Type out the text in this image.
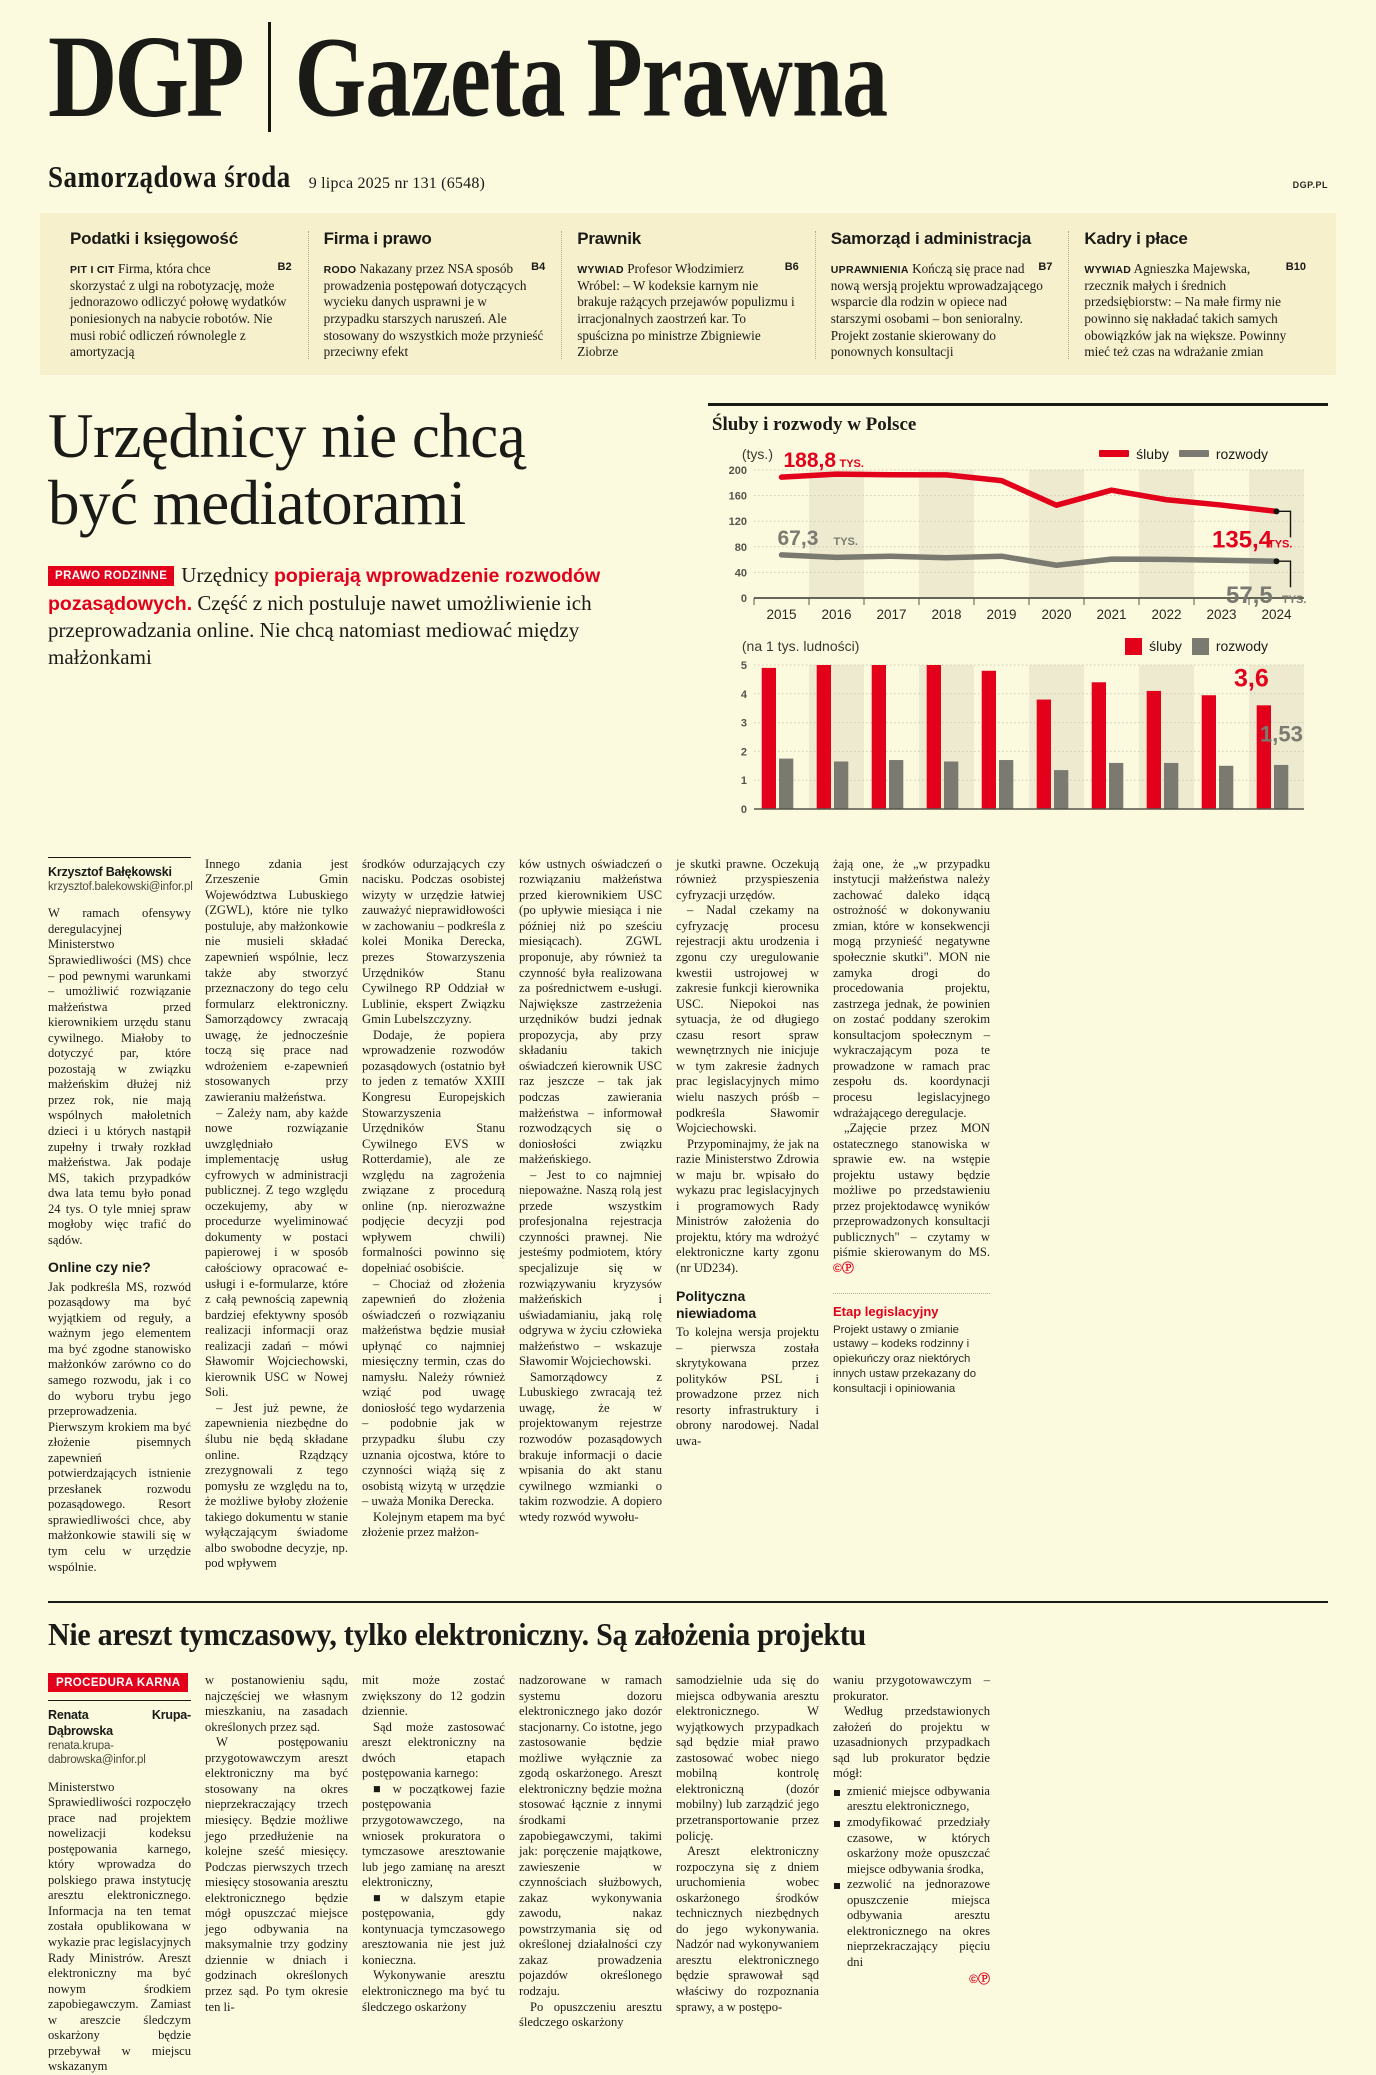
DGP Gazeta Prawna
Samorządowa środa 9 lipca 2025 nr 131 (6548)	DGP.PL
Podatki i księgowość

B2
PIT I CIT Firma, która chce skorzystać z ulgi na robotyzację, może jednorazowo odliczyć połowę wydatków poniesionych na nabycie robotów. Nie musi robić odliczeń równolegle z amortyzacją

Firma i prawo

B4
RODO Nakazany przez NSA sposób prowadzenia postępowań dotyczących wycieku danych usprawni je w przypadku starszych naruszeń. Ale stosowany do wszystkich może przynieść przeciwny efekt

Prawnik

B6
WYWIAD Profesor Włodzimierz Wróbel: – W kodeksie karnym nie brakuje rażących przejawów populizmu i irracjonalnych zaostrzeń kar. To spuścizna po ministrze Zbigniewie Ziobrze

Samorząd i administracja

B7
UPRAWNIENIA Kończą się prace nad nową wersją projektu wprowadzającego wsparcie dla rodzin w opiece nad starszymi osobami – bon senioralny. Projekt zostanie skierowany do ponownych konsultacji

Kadry i płace

B10
WYWIAD Agnieszka Majewska, rzecznik małych i średnich przedsiębiorstw: – Na małe firmy nie powinno się nakładać takich samych obowiązków jak na większe. Powinny mieć też czas na wdrażanie zmian

Urzędnicy nie chcą
być mediatorami
PRAWO RODZINNE Urzędnicy popierają wprowadzenie rozwodów pozasądowych. Część z nich postuluje nawet umożliwienie ich przeprowadzania online. Nie chcą natomiast mediować między małżonkami
Śluby i rozwody w Polsce
(tys.)	śluby	rozwody
0
40
80
120
160
200
2015 2016 2017 2018 2019 2020 2021 2022 2023 2024
188,8 TYS.
67,3 TYS.	135,4
TYS.
57,5 TYS.
(na 1 tys. ludności)	śluby rozwody
0
1
2
3
4
5	3,6
1,53
Krzysztof Bałękowski
krzysztof.balekowski@infor.pl

W ramach ofensywy deregulacyjnej Ministerstwo Sprawiedliwości (MS) chce – pod pewnymi warunkami – umożliwić rozwiązanie małżeństwa przed kierownikiem urzędu stanu cywilnego. Miałoby to dotyczyć par, które pozostają w związku małżeńskim dłużej niż przez rok, nie mają wspólnych małoletnich dzieci i u których nastąpił zupełny i trwały rozkład małżeństwa. Jak podaje MS, takich przypadków dwa lata temu było ponad 24 tys. O tyle mniej spraw mogłoby więc trafić do sądów.

Online czy nie?

Jak podkreśla MS, rozwód pozasądowy ma być wyjątkiem od reguły, a ważnym jego elementem ma być zgodne stanowisko małżonków zarówno co do samego rozwodu, jak i co do wyboru trybu jego przeprowadzenia. Pierwszym krokiem ma być złożenie pisemnych zapewnień potwierdzających istnienie przesłanek rozwodu pozasądowego. Resort sprawiedliwości chce, aby małżonkowie stawili się w tym celu w urzędzie wspólnie.

Innego zdania jest Zrzeszenie Gmin Województwa Lubuskiego (ZGWL), które nie tylko postuluje, aby małżonkowie nie musieli składać zapewnień wspólnie, lecz także aby stworzyć przeznaczony do tego celu formularz elektroniczny. Samorządowcy zwracają uwagę, że jednocześnie toczą się prace nad wdrożeniem e-zapewnień stosowanych przy zawieraniu małżeństwa.

– Zależy nam, aby każde nowe rozwiązanie uwzględniało implementację usług cyfrowych w administracji publicznej. Z tego względu oczekujemy, aby w procedurze wyeliminować dokumenty w postaci papierowej i w sposób całościowy opracować e-usługi i e-formularze, które z całą pewnością zapewnią bardziej efektywny sposób realizacji informacji oraz realizacji zadań – mówi Sławomir Wojciechowski, kierownik USC w Nowej Soli.

– Jest już pewne, że zapewnienia niezbędne do ślubu nie będą składane online. Rządzący zrezygnowali z tego pomysłu ze względu na to, że możliwe byłoby złożenie takiego dokumentu w stanie wyłączającym świadome albo swobodne decyzje, np. pod wpływem

środków odurzających czy nacisku. Podczas osobistej wizyty w urzędzie łatwiej zauważyć nieprawidłowości w zachowaniu – podkreśla z kolei Monika Derecka, prezes Stowarzyszenia Urzędników Stanu Cywilnego RP Oddział w Lublinie, ekspert Związku Gmin Lubelszczyzny.

Dodaje, że popiera wprowadzenie rozwodów pozasądowych (ostatnio był to jeden z tematów XXIII Kongresu Europejskich Stowarzyszenia Urzędników Stanu Cywilnego EVS w Rotterdamie), ale ze względu na zagrożenia związane z procedurą online (np. nierozważne podjęcie decyzji pod wpływem chwili) formalności powinno się dopełniać osobiście.

– Chociaż od złożenia zapewnień do złożenia oświadczeń o rozwiązaniu małżeństwa będzie musiał upłynąć co najmniej miesięczny termin, czas do namysłu. Należy również wziąć pod uwagę doniosłość tego wydarzenia – podobnie jak w przypadku ślubu czy uznania ojcostwa, które to czynności wiążą się z osobistą wizytą w urzędzie – uważa Monika Derecka.

Kolejnym etapem ma być złożenie przez małżon-

ków ustnych oświadczeń o rozwiązaniu małżeństwa przed kierownikiem USC (po upływie miesiąca i nie później niż po sześciu miesiącach). ZGWL proponuje, aby również ta czynność była realizowana za pośrednictwem e-usługi. Największe zastrzeżenia urzędników budzi jednak propozycja, aby przy składaniu takich oświadczeń kierownik USC raz jeszcze – tak jak podczas zawierania małżeństwa – informował rozwodzących się o doniosłości związku małżeńskiego.

– Jest to co najmniej niepoważne. Naszą rolą jest przede wszystkim profesjonalna rejestracja czynności prawnej. Nie jesteśmy podmiotem, który specjalizuje się w rozwiązywaniu kryzysów małżeńskich i uświadamianiu, jaką rolę odgrywa w życiu człowieka małżeństwo – wskazuje Sławomir Wojciechowski.

Samorządowcy z Lubuskiego zwracają też uwagę, że w projektowanym rejestrze rozwodów pozasądowych brakuje informacji o dacie wpisania do akt stanu cywilnego wzmianki o takim rozwodzie. A dopiero wtedy rozwód wywołu-

je skutki prawne. Oczekują również przyspieszenia cyfryzacji urzędów.

– Nadal czekamy na cyfryzację procesu rejestracji aktu urodzenia i zgonu czy uregulowanie kwestii ustrojowej w zakresie funkcji kierownika USC. Niepokoi nas sytuacja, że od długiego czasu resort spraw wewnętrznych nie inicjuje w tym zakresie żadnych prac legislacyjnych mimo wielu naszych próśb – podkreśla Sławomir Wojciechowski.

Przypominajmy, że jak na razie Ministerstwo Zdrowia w maju br. wpisało do wykazu prac legislacyjnych i programowych Rady Ministrów założenia do projektu, który ma wdrożyć elektroniczne karty zgonu (nr UD234).

Polityczna niewiadoma

To kolejna wersja projektu – pierwsza została skrytykowana przez polityków PSL i prowadzone przez nich resorty infrastruktury i obrony narodowej. Nadal uwa-

żają one, że „w przypadku instytucji małżeństwa należy zachować daleko idącą ostrożność w dokonywaniu zmian, które w konsekwencji mogą przynieść negatywne społecznie skutki". MON nie zamyka drogi do procedowania projektu, zastrzega jednak, że powinien on zostać poddany szerokim konsultacjom społecznym – wykraczającym poza te prowadzone w ramach prac zespołu ds. koordynacji procesu legislacyjnego wdrażającego deregulacje.

„Zajęcie przez MON ostatecznego stanowiska w sprawie ew. na wstępie projektu ustawy będzie możliwe po przedstawieniu przez projektodawcę wyników przeprowadzonych konsultacji publicznych" – czytamy w piśmie skierowanym do MS. ©Ⓟ

Etap legislacyjny

Projekt ustawy o zmianie ustawy – kodeks rodzinny i opiekuńczy oraz niektórych innych ustaw przekazany do konsultacji i opiniowania

Nie areszt tymczasowy, tylko elektroniczny. Są założenia projektu
PROCEDURA KARNA
Renata Krupa-Dąbrowska
renata.krupa-dabrowska@infor.pl

Ministerstwo Sprawiedliwości rozpoczęło prace nad projektem nowelizacji kodeksu postępowania karnego, który wprowadza do polskiego prawa instytucję aresztu elektronicznego. Informacja na ten temat została opublikowana w wykazie prac legislacyjnych Rady Ministrów. Areszt elektroniczny ma być nowym środkiem zapobiegawczym. Zamiast w areszcie śledczym oskarżony będzie przebywał w miejscu wskazanym

w postanowieniu sądu, najczęściej we własnym mieszkaniu, na zasadach określonych przez sąd.

W postępowaniu przygotowawczym areszt elektroniczny ma być stosowany na okres nieprzekraczający trzech miesięcy. Będzie możliwe jego przedłużenie na kolejne sześć miesięcy. Podczas pierwszych trzech miesięcy stosowania aresztu elektronicznego będzie mógł opuszczać miejsce jego odbywania na maksymalnie trzy godziny dziennie w dniach i godzinach określonych przez sąd. Po tym okresie ten li-

mit może zostać zwiększony do 12 godzin dziennie.

Sąd może zastosować areszt elektroniczny na dwóch etapach postępowania karnego:

■ w początkowej fazie postępowania przygotowawczego, na wniosek prokuratora o tymczasowe aresztowanie lub jego zamianę na areszt elektroniczny,

■ w dalszym etapie postępowania, gdy kontynuacja tymczasowego aresztowania nie jest już konieczna.

Wykonywanie aresztu elektronicznego ma być tu śledczego oskarżony

nadzorowane w ramach systemu dozoru elektronicznego jako dozór stacjonarny. Co istotne, jego zastosowanie będzie możliwe wyłącznie za zgodą oskarżonego. Areszt elektroniczny będzie można stosować łącznie z innymi środkami zapobiegawczymi, takimi jak: poręczenie majątkowe, zawieszenie w czynnościach służbowych, zakaz wykonywania zawodu, nakaz powstrzymania się od określonej działalności czy zakaz prowadzenia pojazdów określonego rodzaju.

Po opuszczeniu aresztu śledczego oskarżony

samodzielnie uda się do miejsca odbywania aresztu elektronicznego. W wyjątkowych przypadkach sąd będzie miał prawo zastosować wobec niego mobilną kontrolę elektroniczną (dozór mobilny) lub zarządzić jego przetransportowanie przez policję.

Areszt elektroniczny rozpoczyna się z dniem uruchomienia wobec oskarżonego środków technicznych niezbędnych do jego wykonywania. Nadzór nad wykonywaniem aresztu elektronicznego będzie sprawował sąd właściwy do rozpoznania sprawy, a w postępo-

waniu przygotowawczym – prokurator.

Według przedstawionych założeń do projektu w uzasadnionych przypadkach sąd lub prokurator będzie mógł:

zmienić miejsce odbywania aresztu elektronicznego,
zmodyfikować przedziały czasowe, w których oskarżony może opuszczać miejsce odbywania środka,
zezwolić na jednorazowe opuszczenie miejsca odbywania aresztu elektronicznego na okres nieprzekraczający pięciu dni

©Ⓟ
